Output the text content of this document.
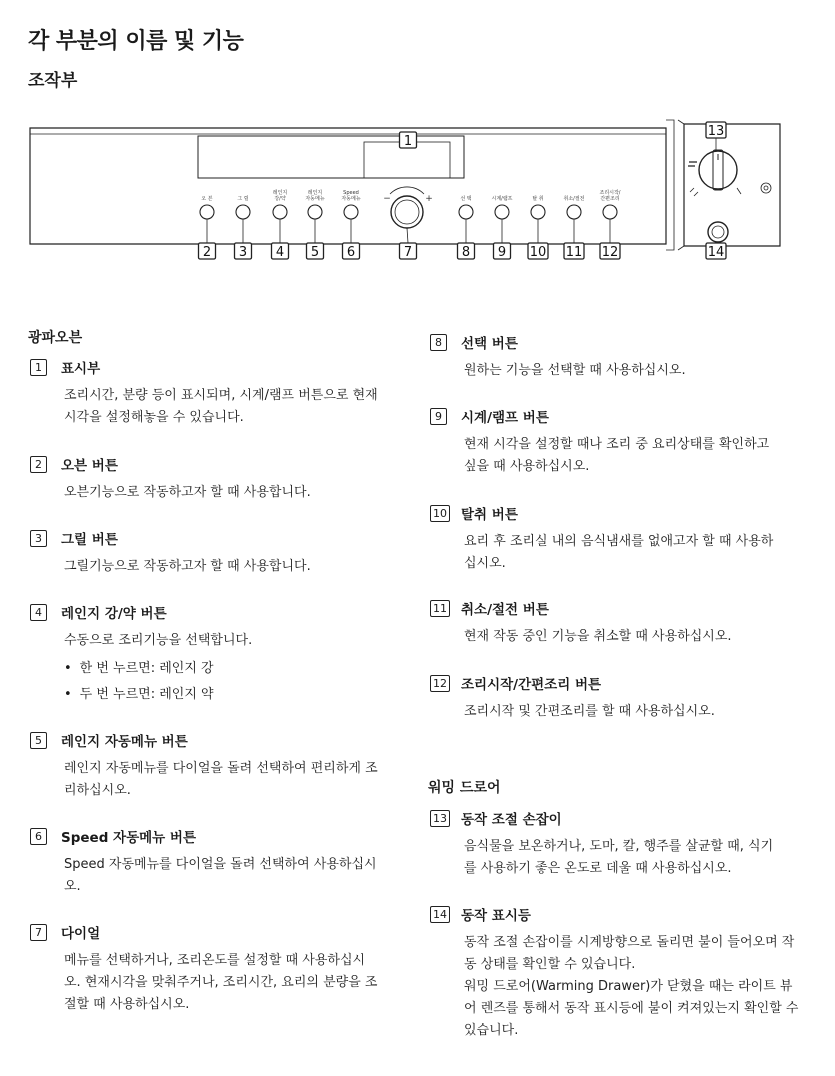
각 부분의 이름 및 기능
조작부
오 븐	그 릴
레인지
강/약
레인지
자동메뉴
Speed
자동메뉴	선 택	시계/램프	탈 취	취소/절전
조리시작/
간편조리
−	+
1
2 3 4 5 6	7	8 9 10 11 12
13
14
광파오븐
1	표시부
조리시간, 분량 등이 표시되며, 시계/램프 버튼으로 현재 시각을 설정해놓을 수 있습니다.
2	오븐 버튼
오븐기능으로 작동하고자 할 때 사용합니다.
3	그릴 버튼
그릴기능으로 작동하고자 할 때 사용합니다.
4	레인지 강/약 버튼
수동으로 조리기능을 선택합니다.
• 한 번 누르면: 레인지 강
• 두 번 누르면: 레인지 약
5	레인지 자동메뉴 버튼
레인지 자동메뉴를 다이얼을 돌려 선택하여 편리하게 조리하십시오.
6	Speed 자동메뉴 버튼
Speed 자동메뉴를 다이얼을 돌려 선택하여 사용하십시오.
7	다이얼
메뉴를 선택하거나, 조리온도를 설정할 때 사용하십시오. 현재시각을 맞춰주거나, 조리시간, 요리의 분량을 조절할 때 사용하십시오.
8	선택 버튼
원하는 기능을 선택할 때 사용하십시오.
9	시계/램프 버튼
현재 시각을 설정할 때나 조리 중 요리상태를 확인하고 싶을 때 사용하십시오.
10 탈취 버튼
요리 후 조리실 내의 음식냄새를 없애고자 할 때 사용하십시오.
11 취소/절전 버튼
현재 작동 중인 기능을 취소할 때 사용하십시오.
12 조리시작/간편조리 버튼
조리시작 및 간편조리를 할 때 사용하십시오.
워밍 드로어
13 동작 조절 손잡이
음식물을 보온하거나, 도마, 칼, 행주를 살균할 때, 식기를 사용하기 좋은 온도로 데울 때 사용하십시오.
14 동작 표시등
동작 조절 손잡이를 시계방향으로 돌리면 불이 들어오며 작동 상태를 확인할 수 있습니다.
워밍 드로어(Warming Drawer)가 닫혔을 때는 라이트 뷰어 렌즈를 통해서 동작 표시등에 불이 켜져있는지 확인할 수 있습니다.
